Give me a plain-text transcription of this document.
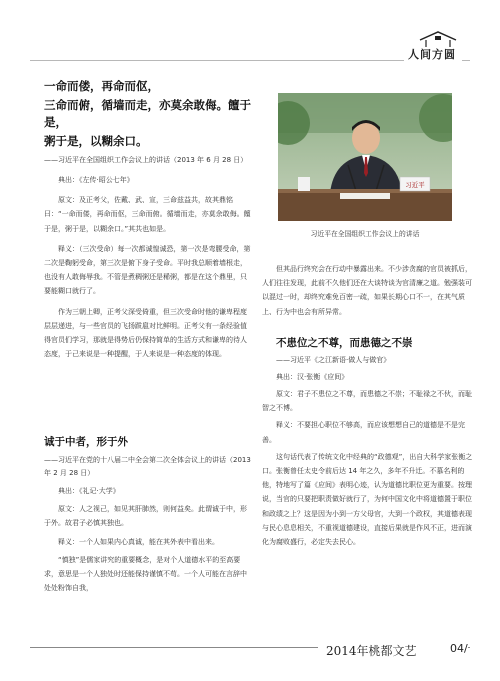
人间方圆
一命而偻，再命而伛，
三命而俯，循墙而走，亦莫余敢侮。饘于是，
粥于是，以糊余口。
——习近平在全国组织工作会议上的讲话（2013 年 6 月 28 日）
典出：《左传·昭公七年》
原文：及正考父，佐戴、武、宣，三命兹益共，故其鼎铭曰：“一命而偻，再命而伛，三命而俯。循墙而走，亦莫余敢侮。饘于是，粥于是，以糊余口。”其共也如是。
释义：（三次受命）每一次都诚惶诚恐，第一次是弯腰受命，第二次是鞠躬受命，第三次是俯下身子受命。平时我总顺着墙根走，也没有人敢侮辱我。不管是煮稠粥还是稀粥，都是在这个鼎里，只要能糊口就行了。
作为三朝上卿，正考父深受倚重，但三次受命时他的谦卑程度层层递进，与一些官员的飞扬跋扈对比鲜明。正考父有一条经验值得官员们学习，那就是得势后仍保持简单的生活方式和谦卑的待人态度，于己来说是一种提醒，于人来说是一种态度的体现。
诚于中者，形于外
——习近平在党的十八届二中全会第二次全体会议上的讲话（2013 年 2 月 28 日）
典出：《礼记·大学》
原文：人之视己，如见其肝肺然，则何益矣。此谓诚于中，形于外。故君子必慎其独也。
释义：一个人如果内心真诚，能在其外表中看出来。
“慎独”是儒家讲究的重要概念，是对个人道德水平的至高要求，意思是一个人独处时还能保持谨慎不苟。一个人可能在言辞中处处粉饰自我，
习近平
习近平在全国组织工作会议上的讲话
但其品行终究会在行动中暴露出来。不少涉贪腐的官员被抓后，人们往往发现，此前不久他们还在大谈特谈为官清廉之道。勉强装可以混过一时，却终究难免百密一疏，如果长期心口不一，在其气质上、行为中也会有所异常。
不患位之不尊，而患德之不崇
——习近平《之江新语·做人与做官》
典出：汉·张衡《应间》
原文：君子不患位之不尊，而患德之不崇；不耻禄之不伙，而耻智之不博。
释义：不要担心职位不够高，而应该想想自己的道德是不是完善。
这句话代表了传统文化中经典的“政德观”，出自大科学家张衡之口。张衡曾任太史令前后达 14 年之久，多年不升迁。不慕名利的他，特地写了篇《应间》表明心迹，认为道德比职位更为重要。按理说，当官的只要把职责做好就行了，为何中国文化中将道德置于职位和政绩之上？这是因为小到一方父母官，大到一个政权，其道德表现与民心息息相关，不重视道德建设，直接后果就是作风不正，进而演化为腐败盛行，必定失去民心。
2014年桃都文艺	04/
